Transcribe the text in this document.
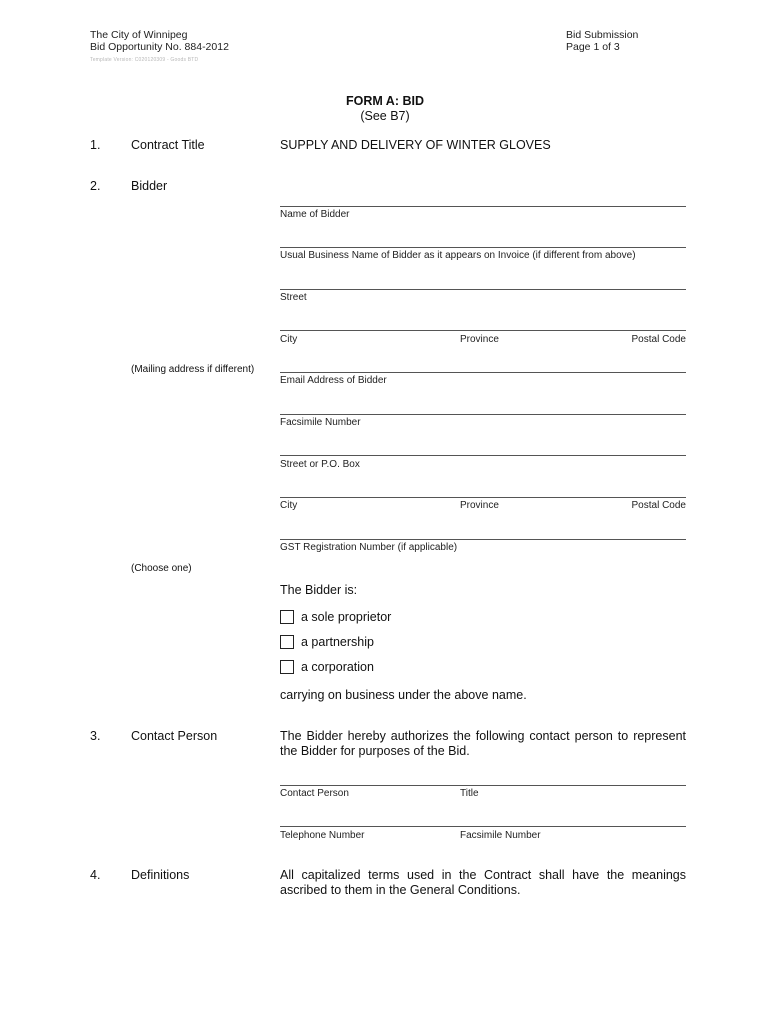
The City of Winnipeg
Bid Opportunity No. 884-2012
Template Version: C020120309 - Goods BTD
Bid Submission
Page 1 of 3
FORM A: BID
(See B7)
1. Contract Title	SUPPLY AND DELIVERY OF WINTER GLOVES
2. Bidder
Name of Bidder
Usual Business Name of Bidder as it appears on Invoice (if different from above)
Street
City	Province	Postal Code
(Mailing address if different)
Email Address of Bidder
Facsimile Number
Street or P.O. Box
City	Province	Postal Code
GST Registration Number (if applicable)
(Choose one)
The Bidder is:
a sole proprietor
a partnership
a corporation
carrying on business under the above name.
3. Contact Person	The Bidder hereby authorizes the following contact person to represent the Bidder for purposes of the Bid.
Contact Person	Title
Telephone Number	Facsimile Number
4. Definitions	All capitalized terms used in the Contract shall have the meanings ascribed to them in the General Conditions.
